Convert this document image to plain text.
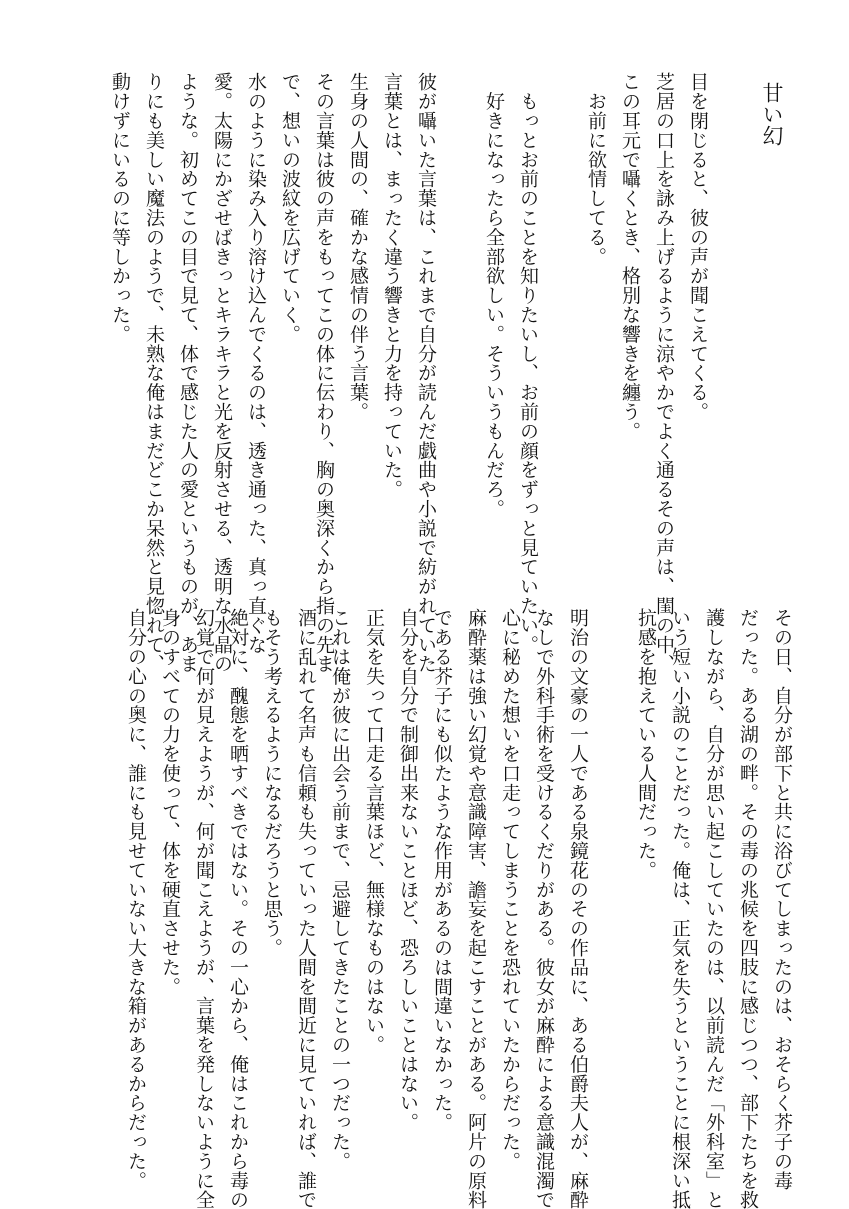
甘い幻
目を閉じると、彼の声が聞こえてくる。
芝居の口上を詠み上げるように涼やかでよく通るその声は、閨の中、
この耳元で囁くとき、格別な響きを纏う。
　お前に欲情してる。
　もっとお前のことを知りたいし、お前の顔をずっと見ていたい。
　好きになったら全部欲しい。そういうもんだろ。
彼が囁いた言葉は、これまで自分が読んだ戯曲や小説で紡がれていた
言葉とは、まったく違う響きと力を持っていた。
生身の人間の、確かな感情の伴う言葉。
その言葉は彼の声をもってこの体に伝わり、胸の奥深くから指の先ま
で、想いの波紋を広げていく。
水のように染み入り溶け込んでくるのは、透き通った、真っ直ぐな
愛。太陽にかざせばきっとキラキラと光を反射させる、透明な水晶の
ような。初めてこの目で見て、体で感じた人の愛というものが、あま
りにも美しい魔法のようで、未熟な俺はまだどこか呆然と見惚れて、
動けずにいるのに等しかった。
その日、自分が部下と共に浴びてしまったのは、おそらく芥子の毒
だった。ある湖の畔。その毒の兆候を四肢に感じつつ、部下たちを救
護しながら、自分が思い起こしていたのは、以前読んだ「外科室」と
いう短い小説のことだった。俺は、正気を失うということに根深い抵
抗感を抱えている人間だった。
明治の文豪の一人である泉鏡花のその作品に、ある伯爵夫人が、麻酔
なしで外科手術を受けるくだりがある。彼女が麻酔による意識混濁で
心に秘めた想いを口走ってしまうことを恐れていたからだった。
麻酔薬は強い幻覚や意識障害、譫妄を起こすことがある。阿片の原料
である芥子にも似たような作用があるのは間違いなかった。
自分を自分で制御出来ないことほど、恐ろしいことはない。
正気を失って口走る言葉ほど、無様なものはない。
これは俺が彼に出会う前まで、忌避してきたことの一つだった。
酒に乱れて名声も信頼も失っていった人間を間近に見ていれば、誰で
もそう考えるようになるだろうと思う。
絶対に、醜態を晒すべきではない。その一心から、俺はこれから毒の
幻覚で何が見えようが、何が聞こえようが、言葉を発しないように全
身のすべての力を使って、体を硬直させた。
自分の心の奥に、誰にも見せていない大きな箱があるからだった。
